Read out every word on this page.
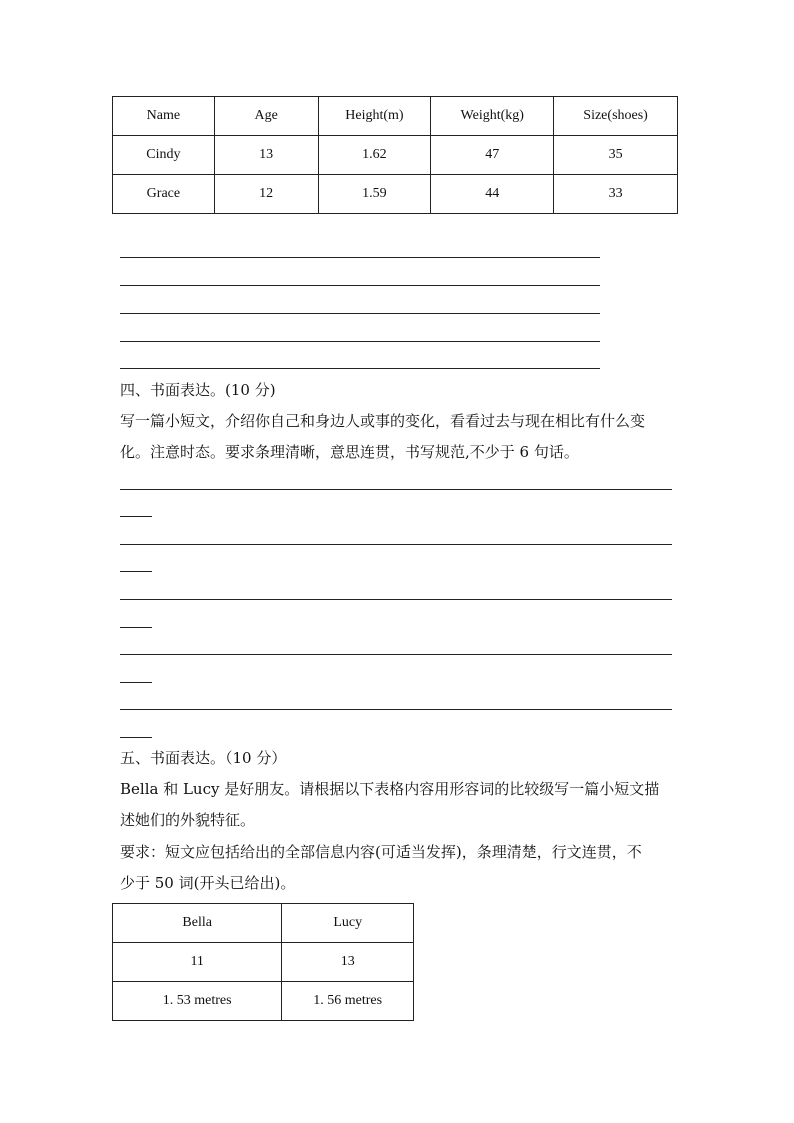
Name	Age	Height(m)	Weight(kg)	Size(shoes)
Cindy	13	1.62	47	35
Grace	12	1.59	44	33
四、书面表达。(10 分)
写一篇小短文，介绍你自己和身边人或事的变化，看看过去与现在相比有什么变
化。注意时态。要求条理清晰，意思连贯，书写规范,不少于 6 句话。
五、书面表达。（10 分）
Bella 和 Lucy 是好朋友。请根据以下表格内容用形容词的比较级写一篇小短文描
述她们的外貌特征。
要求：短文应包括给出的全部信息内容(可适当发挥)，条理清楚，行文连贯，不
少于 50 词(开头已给出)。
Bella	Lucy
11	13
1. 53 metres	1. 56 metres
